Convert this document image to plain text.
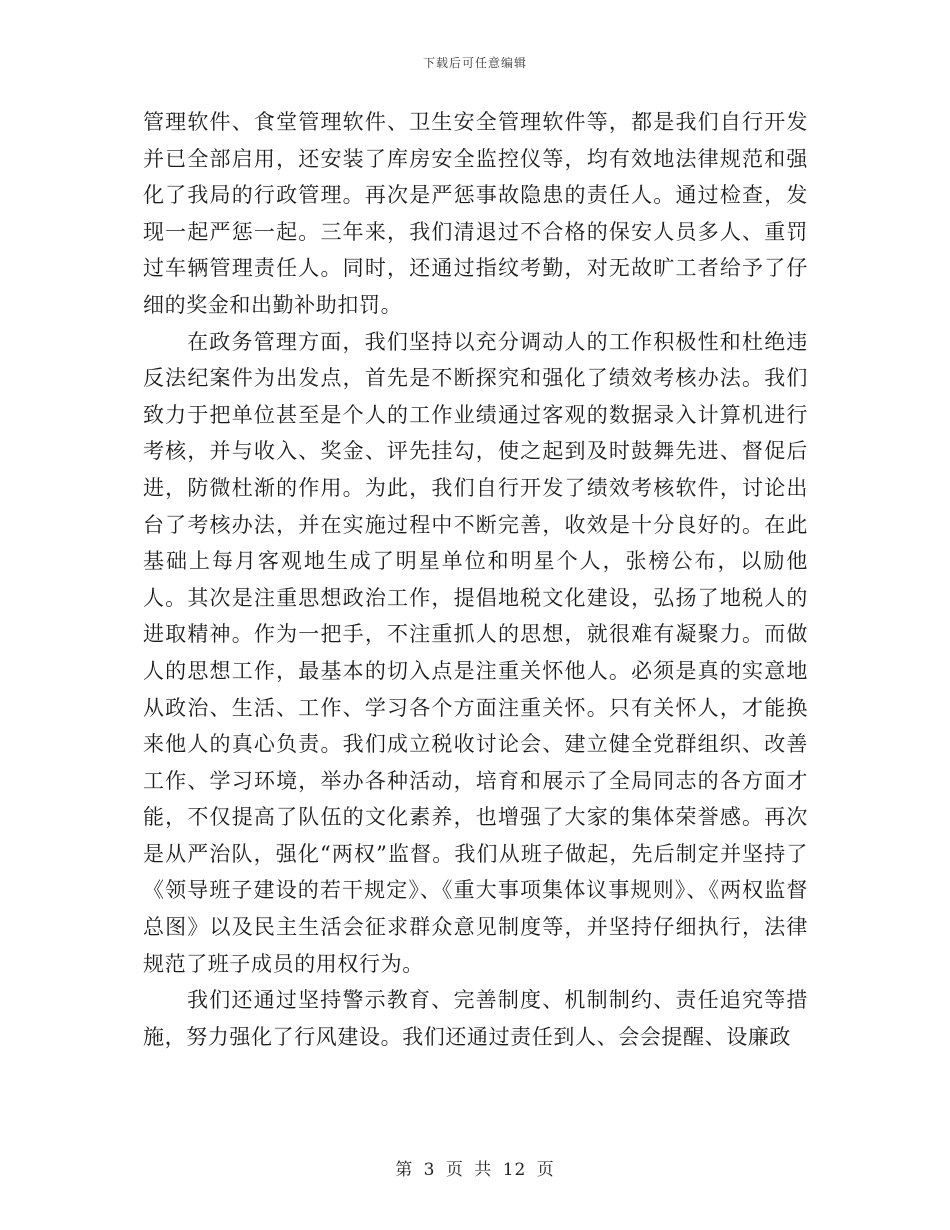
下载后可任意编辑

管理软件、食堂管理软件、卫生安全管理软件等，都是我们自行开发并已全部启用，还安装了库房安全监控仪等，均有效地法律规范和强化了我局的行政管理。再次是严惩事故隐患的责任人。通过检查，发现一起严惩一起。三年来，我们清退过不合格的保安人员多人、重罚过车辆管理责任人。同时，还通过指纹考勤，对无故旷工者给予了仔细的奖金和出勤补助扣罚。

在政务管理方面，我们坚持以充分调动人的工作积极性和杜绝违反法纪案件为出发点，首先是不断探究和强化了绩效考核办法。我们致力于把单位甚至是个人的工作业绩通过客观的数据录入计算机进行考核，并与收入、奖金、评先挂勾，使之起到及时鼓舞先进、督促后进，防微杜渐的作用。为此，我们自行开发了绩效考核软件，讨论出台了考核办法，并在实施过程中不断完善，收效是十分良好的。在此基础上每月客观地生成了明星单位和明星个人，张榜公布，以励他人。其次是注重思想政治工作，提倡地税文化建设，弘扬了地税人的进取精神。作为一把手，不注重抓人的思想，就很难有凝聚力。而做人的思想工作，最基本的切入点是注重关怀他人。必须是真的实意地从政治、生活、工作、学习各个方面注重关怀。只有关怀人，才能换来他人的真心负责。我们成立税收讨论会、建立健全党群组织、改善工作、学习环境，举办各种活动，培育和展示了全局同志的各方面才能，不仅提高了队伍的文化素养，也增强了大家的集体荣誉感。再次是从严治队，强化“两权”监督。我们从班子做起，先后制定并坚持了《领导班子建设的若干规定》、《重大事项集体议事规则》、《两权监督总图》以及民主生活会征求群众意见制度等，并坚持仔细执行，法律规范了班子成员的用权行为。

我们还通过坚持警示教育、完善制度、机制制约、责任追究等措施，努力强化了行风建设。我们还通过责任到人、会会提醒、设廉政

第 3 页 共 12 页
